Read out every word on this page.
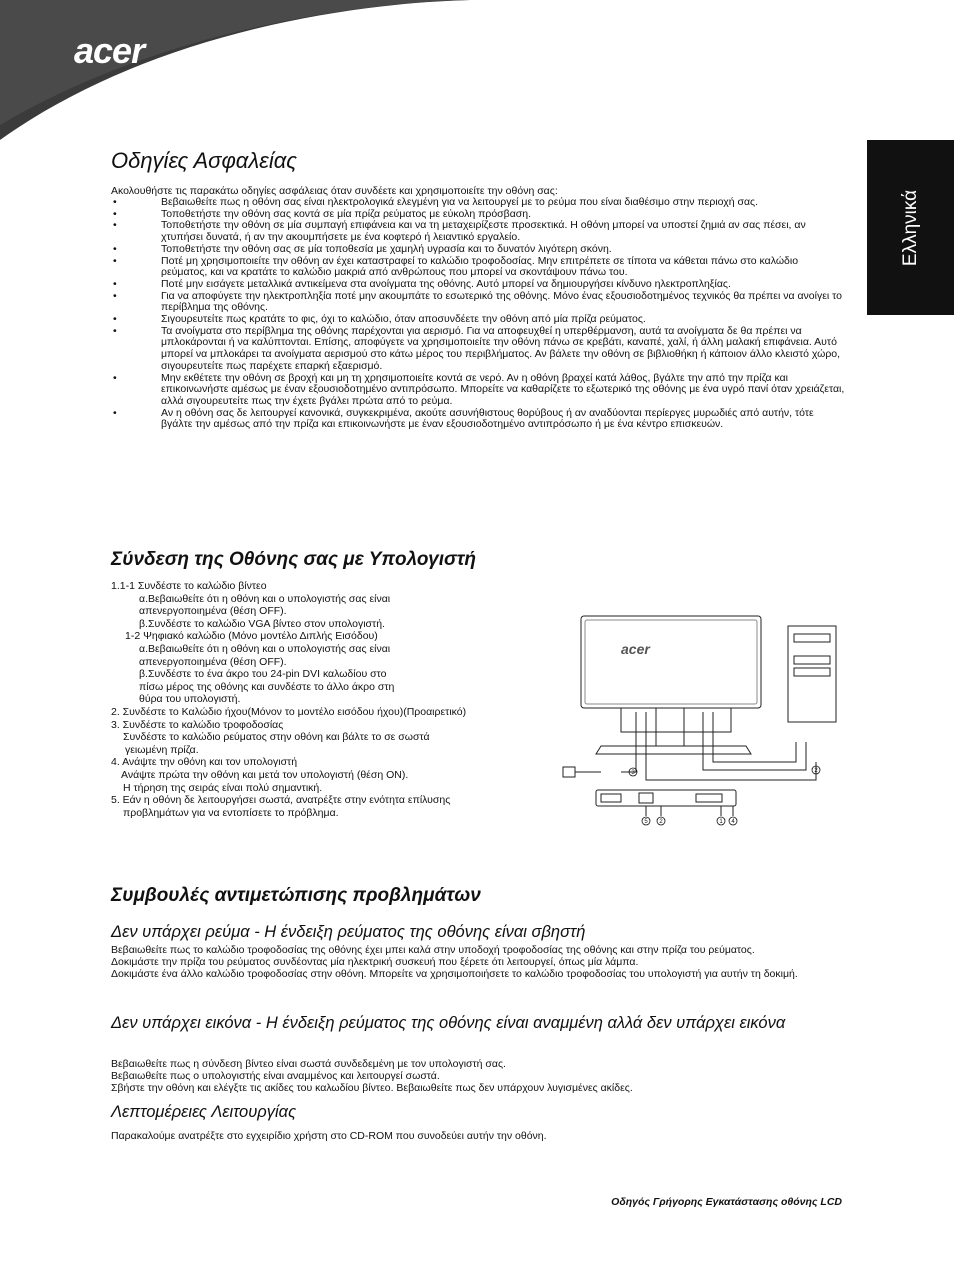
acer
Ελληνικά
Οδηγίες Ασφαλείας
Ακολουθήστε τις παρακάτω οδηγίες ασφάλειας όταν συνδέετε και χρησιμοποιείτε την οθόνη σας:
• Βεβαιωθείτε πως η οθόνη σας είναι ηλεκτρολογικά ελεγμένη για να λειτουργεί με το ρεύμα που είναι διαθέσιμο στην περιοχή σας.
• Τοποθετήστε την οθόνη σας κοντά σε μία πρίζα ρεύματος με εύκολη πρόσβαση.
• Τοποθετήστε την οθόνη σε μία συμπαγή επιφάνεια και να τη μεταχειρίζεστε προσεκτικά. Η οθόνη μπορεί να υποστεί ζημιά αν σας πέσει, αν χτυπήσει δυνατά, ή αν την ακουμπήσετε με ένα κοφτερό ή λειαντικό εργαλείο.
• Τοποθετήστε την οθόνη σας σε μία τοποθεσία με χαμηλή υγρασία και το δυνατόν λιγότερη σκόνη.
• Ποτέ μη χρησιμοποιείτε την οθόνη αν έχει καταστραφεί το καλώδιο τροφοδοσίας. Μην επιτρέπετε σε τίποτα να κάθεται πάνω στο καλώδιο ρεύματος, και να κρατάτε το καλώδιο μακριά από ανθρώπους που μπορεί να σκοντάψουν πάνω του.
• Ποτέ μην εισάγετε μεταλλικά αντικείμενα στα ανοίγματα της οθόνης. Αυτό μπορεί να δημιουργήσει κίνδυνο ηλεκτροπληξίας.
• Για να αποφύγετε την ηλεκτροπληξία ποτέ μην ακουμπάτε το εσωτερικό της οθόνης. Μόνο ένας εξουσιοδοτημένος τεχνικός θα πρέπει να ανοίγει το περίβλημα της οθόνης.
• Σιγουρευτείτε πως κρατάτε το φις, όχι το καλώδιο, όταν αποσυνδέετε την οθόνη από μία πρίζα ρεύματος.
• Τα ανοίγματα στο περίβλημα της οθόνης παρέχονται για αερισμό. Για να αποφευχθεί η υπερθέρμανση, αυτά τα ανοίγματα δε θα πρέπει να μπλοκάρονται ή να καλύπτονται. Επίσης, αποφύγετε να χρησιμοποιείτε την οθόνη πάνω σε κρεβάτι, καναπέ, χαλί, ή άλλη μαλακή επιφάνεια. Αυτό μπορεί να μπλοκάρει τα ανοίγματα αερισμού στο κάτω μέρος του περιβλήματος. Αν βάλετε την οθόνη σε βιβλιοθήκη ή κάποιον άλλο κλειστό χώρο, σιγουρευτείτε πως παρέχετε επαρκή εξαερισμό.
• Μην εκθέτετε την οθόνη σε βροχή και μη τη χρησιμοποιείτε κοντά σε νερό. Αν η οθόνη βραχεί κατά λάθος, βγάλτε την από την πρίζα και επικοινωνήστε αμέσως με έναν εξουσιοδοτημένο αντιπρόσωπο. Μπορείτε να καθαρίζετε το εξωτερικό της οθόνης με ένα υγρό πανί όταν χρειάζεται, αλλά σιγουρευτείτε πως την έχετε βγάλει πρώτα από το ρεύμα.
• Αν η οθόνη σας δε λειτουργεί κανονικά, συγκεκριμένα, ακούτε ασυνήθιστους θορύβους ή αν αναδύονται περίεργες μυρωδιές από αυτήν, τότε βγάλτε την αμέσως από την πρίζα και επικοινωνήστε με έναν εξουσιοδοτημένο αντιπρόσωπο ή με ένα κέντρο επισκευών.
Σύνδεση της Οθόνης σας με Υπολογιστή
1.1-1 Συνδέστε το καλώδιο βίντεο
α.Βεβαιωθείτε ότι η οθόνη και ο υπολογιστής σας είναι
απενεργοποιημένα (θέση OFF).
β.Συνδέστε το καλώδιο VGA βίντεο στον υπολογιστή.
1-2 Ψηφιακό καλώδιο (Μόνο μοντέλο Διπλής Εισόδου)
α.Βεβαιωθείτε ότι η οθόνη και ο υπολογιστής σας είναι
απενεργοποιημένα (θέση OFF).
β.Συνδέστε το ένα άκρο του 24-pin DVI καλωδίου στο
πίσω μέρος της οθόνης και συνδέστε το άλλο άκρο στη
θύρα του υπολογιστή.
2. Συνδέστε το Καλώδιο ήχου(Μόνον το μοντέλο εισόδου ήχου)(Προαιρετικό)
3. Συνδέστε το καλώδιο τροφοδοσίας
Συνδέστε το καλώδιο ρεύματος στην οθόνη και βάλτε το σε σωστά
γειωμένη πρίζα.
4. Ανάψτε την οθόνη και τον υπολογιστή
Ανάψτε πρώτα την οθόνη και μετά τον υπολογιστή (θέση ON).
Η τήρηση της σειράς είναι πολύ σημαντική.
5. Εάν η οθόνη δε λειτουργήσει σωστά, ανατρέξτε στην ενότητα επίλυσης
προβλημάτων για να εντοπίσετε το πρόβλημα.
acer
3	2
5 2	1 4
Συμβουλές αντιμετώπισης προβλημάτων
Δεν υπάρχει ρεύμα - Η ένδειξη ρεύματος της οθόνης είναι σβηστή
Βεβαιωθείτε πως το καλώδιο τροφοδοσίας της οθόνης έχει μπει καλά στην υποδοχή τροφοδοσίας της οθόνης και στην πρίζα του ρεύματος.
Δοκιμάστε την πρίζα του ρεύματος συνδέοντας μία ηλεκτρική συσκευή που ξέρετε ότι λειτουργεί, όπως μία λάμπα.
Δοκιμάστε ένα άλλο καλώδιο τροφοδοσίας στην οθόνη. Μπορείτε να χρησιμοποιήσετε το καλώδιο τροφοδοσίας του υπολογιστή για αυτήν τη δοκιμή.
Δεν υπάρχει εικόνα - Η ένδειξη ρεύματος της οθόνης είναι αναμμένη αλλά δεν υπάρχει εικόνα
Βεβαιωθείτε πως η σύνδεση βίντεο είναι σωστά συνδεδεμένη με τον υπολογιστή σας.
Βεβαιωθείτε πως ο υπολογιστής είναι αναμμένος και λειτουργεί σωστά.
Σβήστε την οθόνη και ελέγξτε τις ακίδες του καλωδίου βίντεο. Βεβαιωθείτε πως δεν υπάρχουν λυγισμένες ακίδες.
Λεπτομέρειες Λειτουργίας
Παρακαλούμε ανατρέξτε στο εγχειρίδιο χρήστη στο CD-ROM που συνοδεύει αυτήν την οθόνη.
Οδηγός Γρήγορης Εγκατάστασης οθόνης LCD
